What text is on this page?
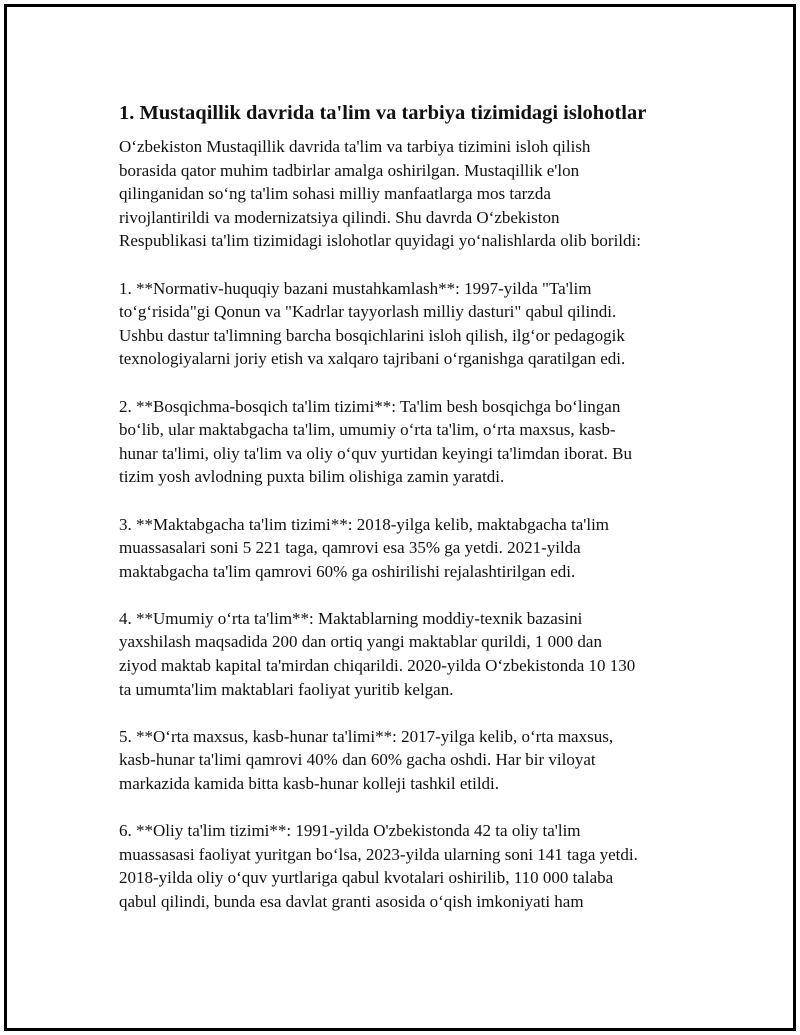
1. Mustaqillik davrida ta'lim va tarbiya tizimidagi islohotlar

O‘zbekiston Mustaqillik davrida ta'lim va tarbiya tizimini isloh qilish
borasida qator muhim tadbirlar amalga oshirilgan. Mustaqillik e'lon
qilinganidan so‘ng ta'lim sohasi milliy manfaatlarga mos tarzda
rivojlantirildi va modernizatsiya qilindi. Shu davrda O‘zbekiston
Respublikasi ta'lim tizimidagi islohotlar quyidagi yo‘nalishlarda olib borildi:

1. **Normativ-huquqiy bazani mustahkamlash**: 1997-yilda "Ta'lim
to‘g‘risida"gi Qonun va "Kadrlar tayyorlash milliy dasturi" qabul qilindi.
Ushbu dastur ta'limning barcha bosqichlarini isloh qilish, ilg‘or pedagogik
texnologiyalarni joriy etish va xalqaro tajribani o‘rganishga qaratilgan edi.

2. **Bosqichma-bosqich ta'lim tizimi**: Ta'lim besh bosqichga bo‘lingan
bo‘lib, ular maktabgacha ta'lim, umumiy o‘rta ta'lim, o‘rta maxsus, kasb-
hunar ta'limi, oliy ta'lim va oliy o‘quv yurtidan keyingi ta'limdan iborat. Bu
tizim yosh avlodning puxta bilim olishiga zamin yaratdi.

3. **Maktabgacha ta'lim tizimi**: 2018-yilga kelib, maktabgacha ta'lim
muassasalari soni 5 221 taga, qamrovi esa 35% ga yetdi. 2021-yilda
maktabgacha ta'lim qamrovi 60% ga oshirilishi rejalashtirilgan edi.

4. **Umumiy o‘rta ta'lim**: Maktablarning moddiy-texnik bazasini
yaxshilash maqsadida 200 dan ortiq yangi maktablar qurildi, 1 000 dan
ziyod maktab kapital ta'mirdan chiqarildi. 2020-yilda O‘zbekistonda 10 130
ta umumta'lim maktablari faoliyat yuritib kelgan.

5. **O‘rta maxsus, kasb-hunar ta'limi**: 2017-yilga kelib, o‘rta maxsus,
kasb-hunar ta'limi qamrovi 40% dan 60% gacha oshdi. Har bir viloyat
markazida kamida bitta kasb-hunar kolleji tashkil etildi.

6. **Oliy ta'lim tizimi**: 1991-yilda O'zbekistonda 42 ta oliy ta'lim
muassasasi faoliyat yuritgan bo‘lsa, 2023-yilda ularning soni 141 taga yetdi.
2018-yilda oliy o‘quv yurtlariga qabul kvotalari oshirilib, 110 000 talaba
qabul qilindi, bunda esa davlat granti asosida o‘qish imkoniyati ham
